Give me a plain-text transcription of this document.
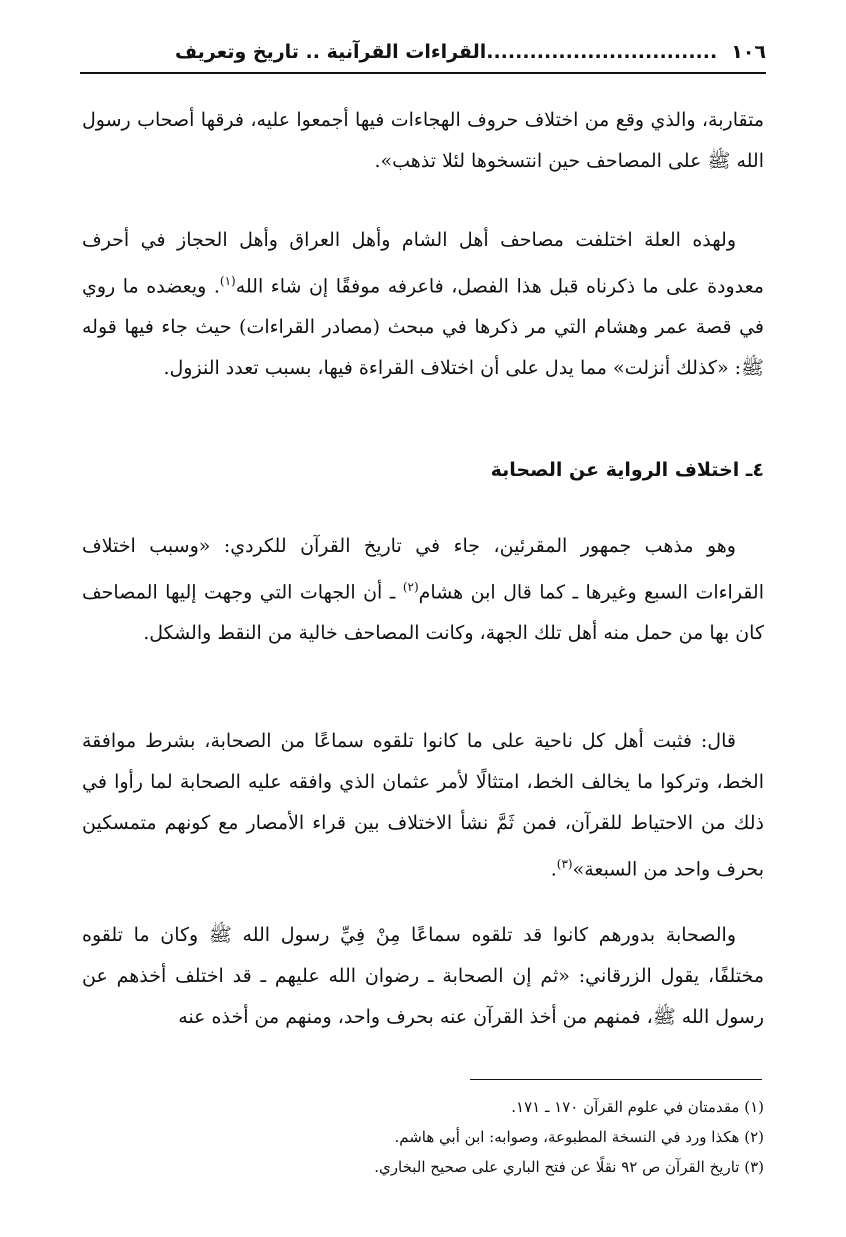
١٠٦
................................
القراءات القرآنية .. تاريخ وتعريف

متقاربة، والذي وقع من اختلاف حروف الهجاءات فيها أجمعوا عليه، فرقها أصحاب رسول الله ﷺ على المصاحف حين انتسخوها لئلا تذهب».

ولهذه العلة اختلفت مصاحف أهل الشام وأهل العراق وأهل الحجاز في أحرف معدودة على ما ذكرناه قبل هذا الفصل، فاعرفه موفقًا إن شاء الله$^{(١)}$. ويعضده ما روي في قصة عمر وهشام التي مر ذكرها في مبحث (مصادر القراءات) حيث جاء فيها قوله ﷺ: «كذلك أنزلت» مما يدل على أن اختلاف القراءة فيها، بسبب تعدد النزول.

٤ـ اختلاف الرواية عن الصحابة

وهو مذهب جمهور المقرئين، جاء في تاريخ القرآن للكردي: «وسبب اختلاف القراءات السبع وغيرها ـ كما قال ابن هشام$^{(٢)}$ ـ أن الجهات التي وجهت إليها المصاحف كان بها من حمل منه أهل تلك الجهة، وكانت المصاحف خالية من النقط والشكل.

قال: فثبت أهل كل ناحية على ما كانوا تلقوه سماعًا من الصحابة، بشرط موافقة الخط، وتركوا ما يخالف الخط، امتثالًا لأمر عثمان الذي وافقه عليه الصحابة لما رأوا في ذلك من الاحتياط للقرآن، فمن ثَمَّ نشأ الاختلاف بين قراء الأمصار مع كونهم متمسكين بحرف واحد من السبعة»$^{(٣)}$.

والصحابة بدورهم كانوا قد تلقوه سماعًا مِنْ فِيِّ رسول الله ﷺ وكان ما تلقوه مختلفًا، يقول الزرقاني: «ثم إن الصحابة ـ رضوان الله عليهم ـ قد اختلف أخذهم عن رسول الله ﷺ، فمنهم من أخذ القرآن عنه بحرف واحد، ومنهم من أخذه عنه

(١) مقدمتان في علوم القرآن ١٧٠ ـ ١٧١.
(٢) هكذا ورد في النسخة المطبوعة، وصوابه: ابن أبي هاشم.
(٣) تاريخ القرآن ص ٩٢ نقلًا عن فتح الباري على صحيح البخاري.
